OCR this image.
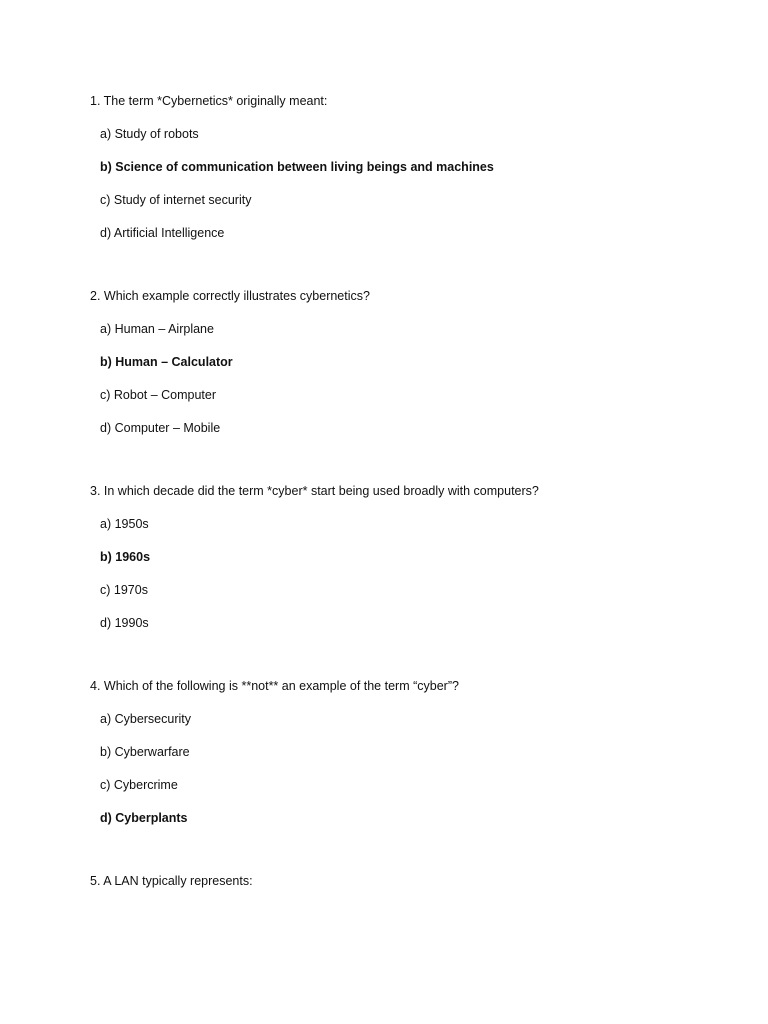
1. The term *Cybernetics* originally meant:
a) Study of robots
b) Science of communication between living beings and machines
c) Study of internet security
d) Artificial Intelligence
2. Which example correctly illustrates cybernetics?
a) Human – Airplane
b) Human – Calculator
c) Robot – Computer
d) Computer – Mobile
3. In which decade did the term *cyber* start being used broadly with computers?
a) 1950s
b) 1960s
c) 1970s
d) 1990s
4. Which of the following is **not** an example of the term “cyber”?
a) Cybersecurity
b) Cyberwarfare
c) Cybercrime
d) Cyberplants
5. A LAN typically represents:
